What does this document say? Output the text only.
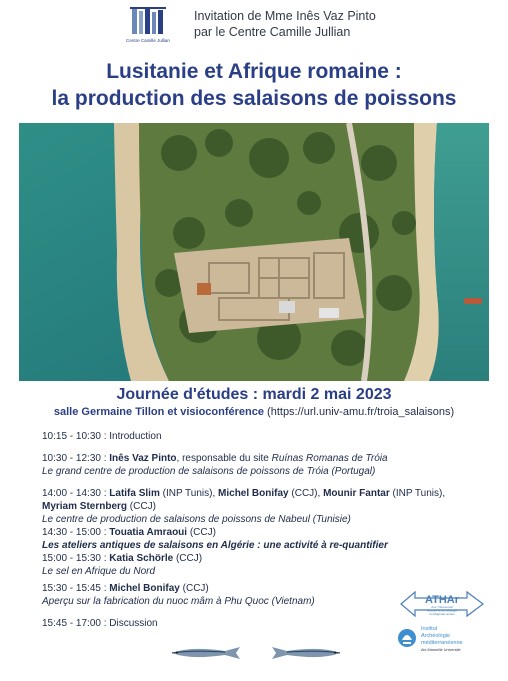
Centre Camille Jullian
Invitation de Mme Inês Vaz Pinto
par le Centre Camille Jullian
Lusitanie et Afrique romaine :
la production des salaisons de poissons
Journée d'études : mardi 2 mai 2023
salle Germaine Tillon et visioconférence (https://url.univ-amu.fr/troia_salaisons)
10:15 - 10:30 : Introduction
10:30 - 12:30 : Inês Vaz Pinto, responsable du site Ruínas Romanas de Tróia
Le grand centre de production de salaisons de poissons de Tróia (Portugal)
14:00 - 14:30 : Latifa Slim (INP Tunis), Michel Bonifay (CCJ), Mounir Fantar (INP Tunis),
Myriam Sternberg (CCJ)
Le centre de production de salaisons de poissons de Nabeul (Tunisie)
14:30 - 15:00 : Touatia Amraoui (CCJ)
Les ateliers antiques de salaisons en Algérie : une activité à re-quantifier
15:00 - 15:30 : Katia Schörle (CCJ)
Le sel en Afrique du Nord
15:30 - 15:45 : Michel Bonifay (CCJ)
Aperçu sur la fabrication du nuoc mâm à Phu Quoc (Vietnam)
15:45 - 17:00 : Discussion
ATHAr
Axe Transversal
Histoire et Archéologie
du Maghreb ancien
Institut
Archéologie
méditerranéenne
Aix-Marseille Université
